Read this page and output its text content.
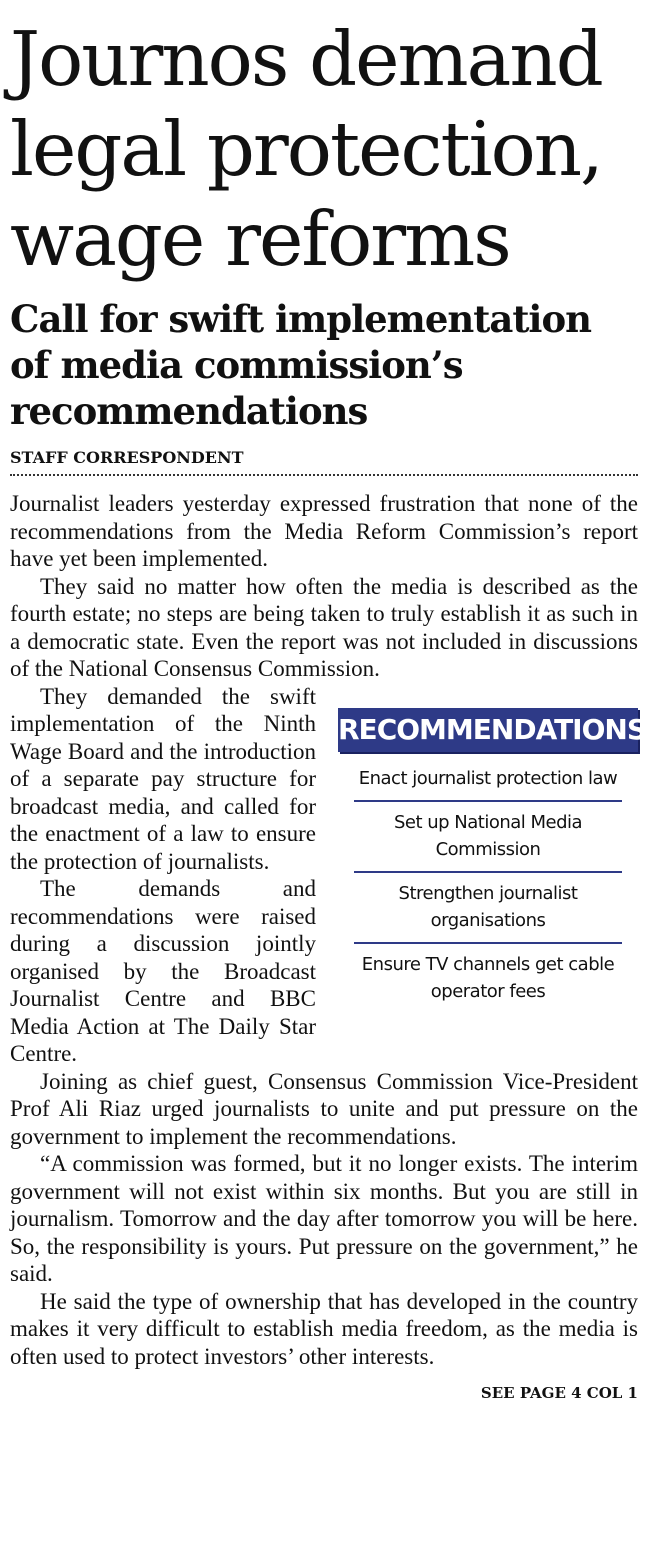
Journos demand legal protection, wage reforms
Call for swift implementation of media commission’s recommendations
STAFF CORRESPONDENT

Journalist leaders yesterday expressed frustration that none of the recommendations from the Media Reform Commission’s report have yet been implemented.

They said no matter how often the media is described as the fourth estate; no steps are being taken to truly establish it as such in a democratic state. Even the report was not included in discussions of the National Consensus Commission.

RECOMMENDATIONS
Enact journalist protection law
Set up National Media Commission
Strengthen journalist organisations
Ensure TV channels get cable operator fees

They demanded the swift implementation of the Ninth Wage Board and the introduction of a separate pay structure for broadcast media, and called for the enactment of a law to ensure the protection of journalists.

The demands and recommendations were raised during a discussion jointly organised by the Broadcast Journalist Centre and BBC Media Action at The Daily Star Centre.

Joining as chief guest, Consensus Commission Vice-President Prof Ali Riaz urged journalists to unite and put pressure on the government to implement the recommendations.

“A commission was formed, but it no longer exists. The interim government will not exist within six months. But you are still in journalism. Tomorrow and the day after tomorrow you will be here. So, the responsibility is yours. Put pressure on the government,” he said.

He said the type of ownership that has developed in the country makes it very difficult to establish media freedom, as the media is often used to protect investors’ other interests.

SEE PAGE 4 COL 1
